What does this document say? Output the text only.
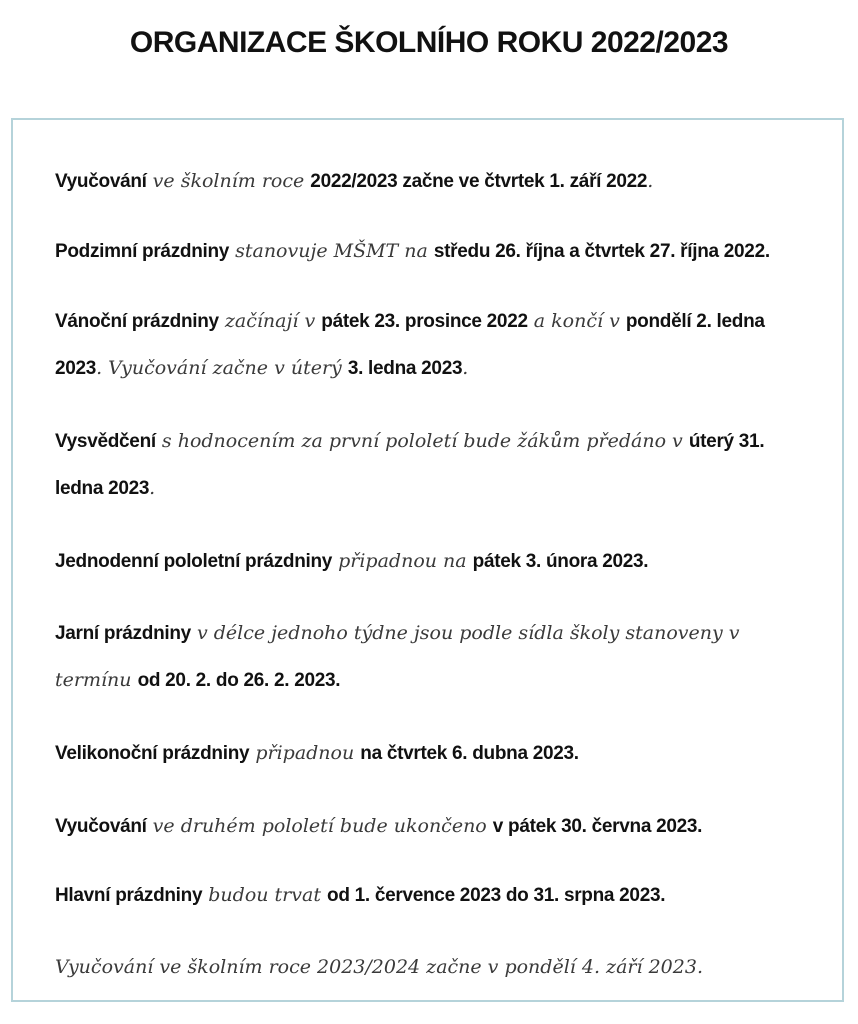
ORGANIZACE ŠKOLNÍHO ROKU 2022/2023

Vyučování ve školním roce 2022/2023 začne ve čtvrtek 1. září 2022.

Podzimní prázdniny stanovuje MŠMT na středu 26. října a čtvrtek 27. října 2022.

Vánoční prázdniny začínají v pátek 23. prosince 2022 a končí v pondělí 2. ledna 2023. Vyučování začne v úterý 3. ledna 2023.

Vysvědčení s hodnocením za první pololetí bude žákům předáno v úterý 31. ledna 2023.

Jednodenní pololetní prázdniny připadnou na pátek 3. února 2023.

Jarní prázdniny v délce jednoho týdne jsou podle sídla školy stanoveny v termínu od 20. 2. do 26. 2. 2023.

Velikonoční prázdniny připadnou na čtvrtek 6. dubna 2023.

Vyučování ve druhém pololetí bude ukončeno v pátek 30. června 2023.

Hlavní prázdniny budou trvat od 1. července 2023 do 31. srpna 2023.

Vyučování ve školním roce 2023/2024 začne v pondělí 4. září 2023.
